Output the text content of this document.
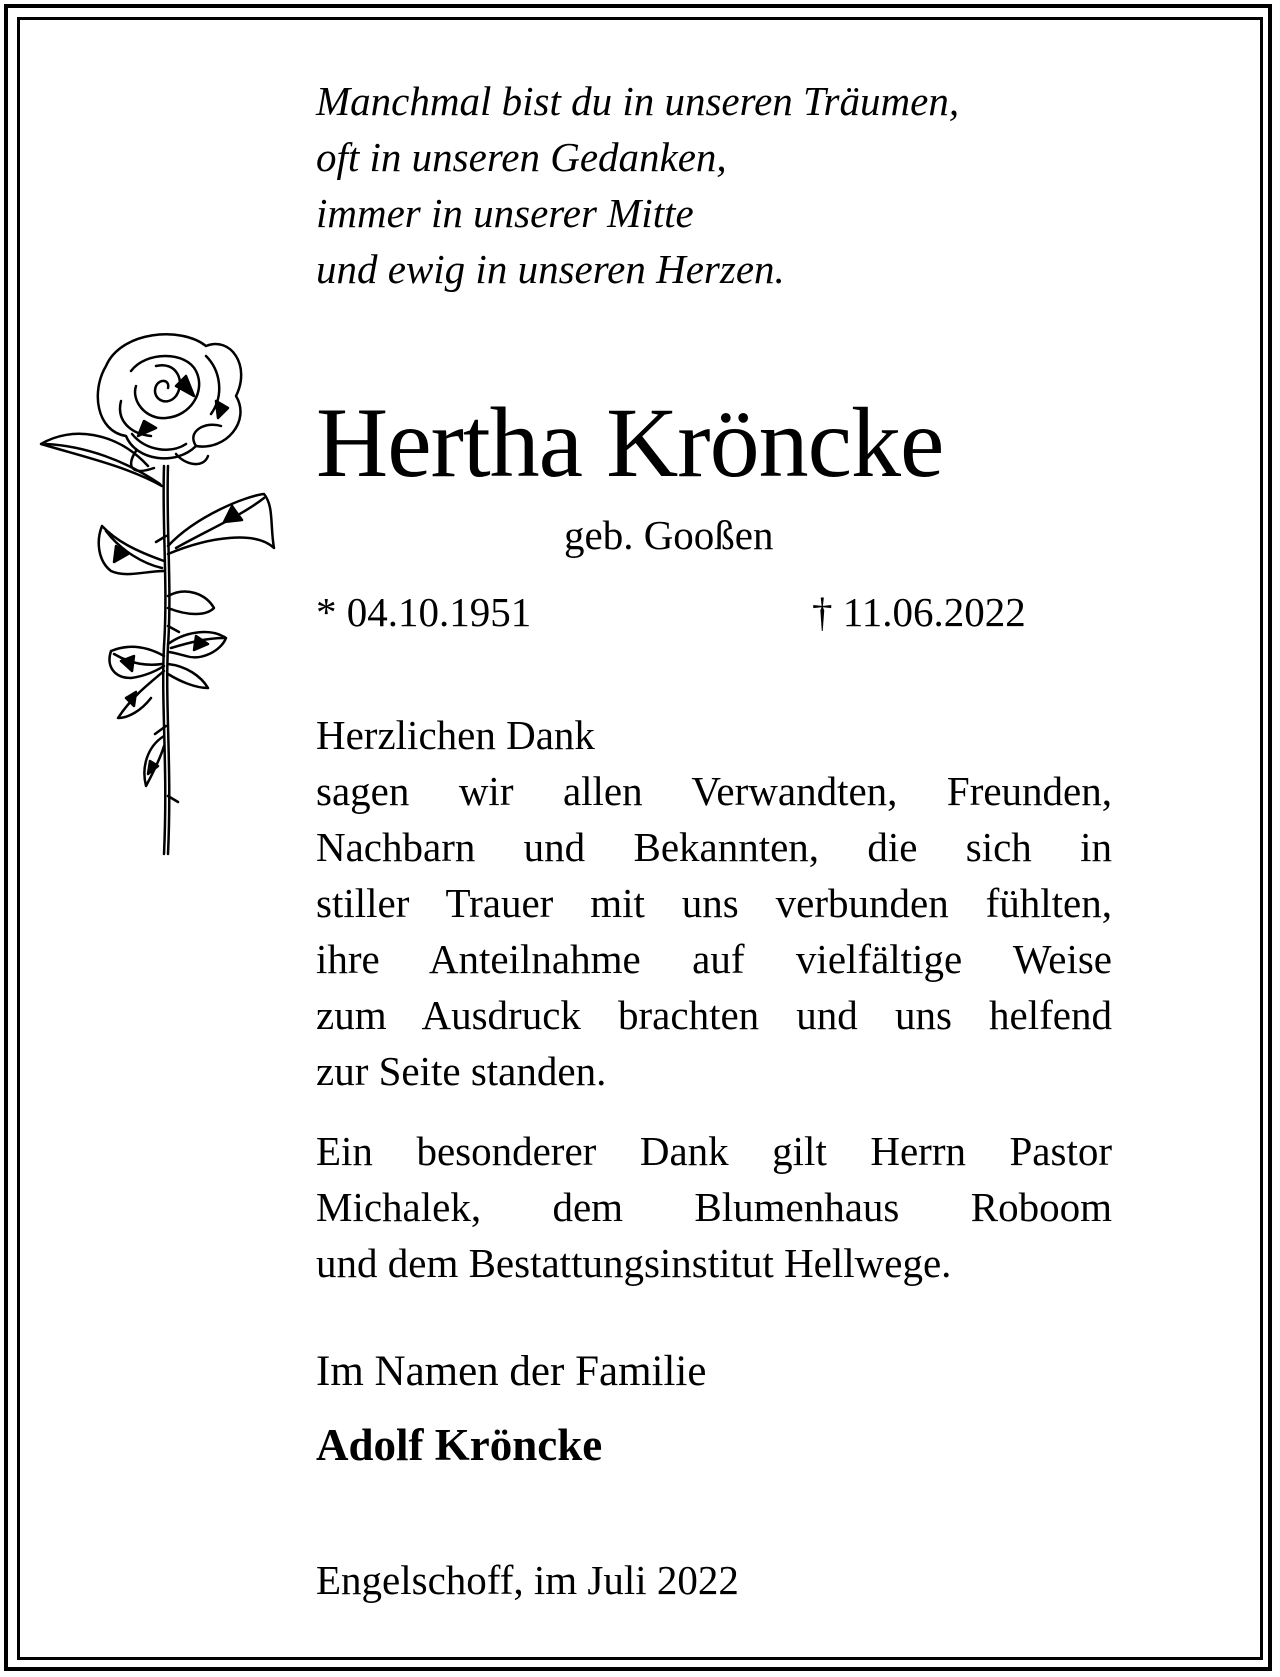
Manchmal bist du in unseren Träumen,
oft in unseren Gedanken,
immer in unserer Mitte
und ewig in unseren Herzen.
Hertha Kröncke
geb. Gooßen
* 04.10.1951	† 11.06.2022
Herzlichen Dank
sagen wir allen Verwandten, Freunden,
Nachbarn und Bekannten, die sich in
stiller Trauer mit uns verbunden fühlten,
ihre Anteilnahme auf vielfältige Weise
zum Ausdruck brachten und uns helfend
zur Seite standen.
Ein besonderer Dank gilt Herrn Pastor
Michalek, dem Blumenhaus Roboom
und dem Bestattungsinstitut Hellwege.
Im Namen der Familie
Adolf Kröncke
Engelschoff, im Juli 2022
